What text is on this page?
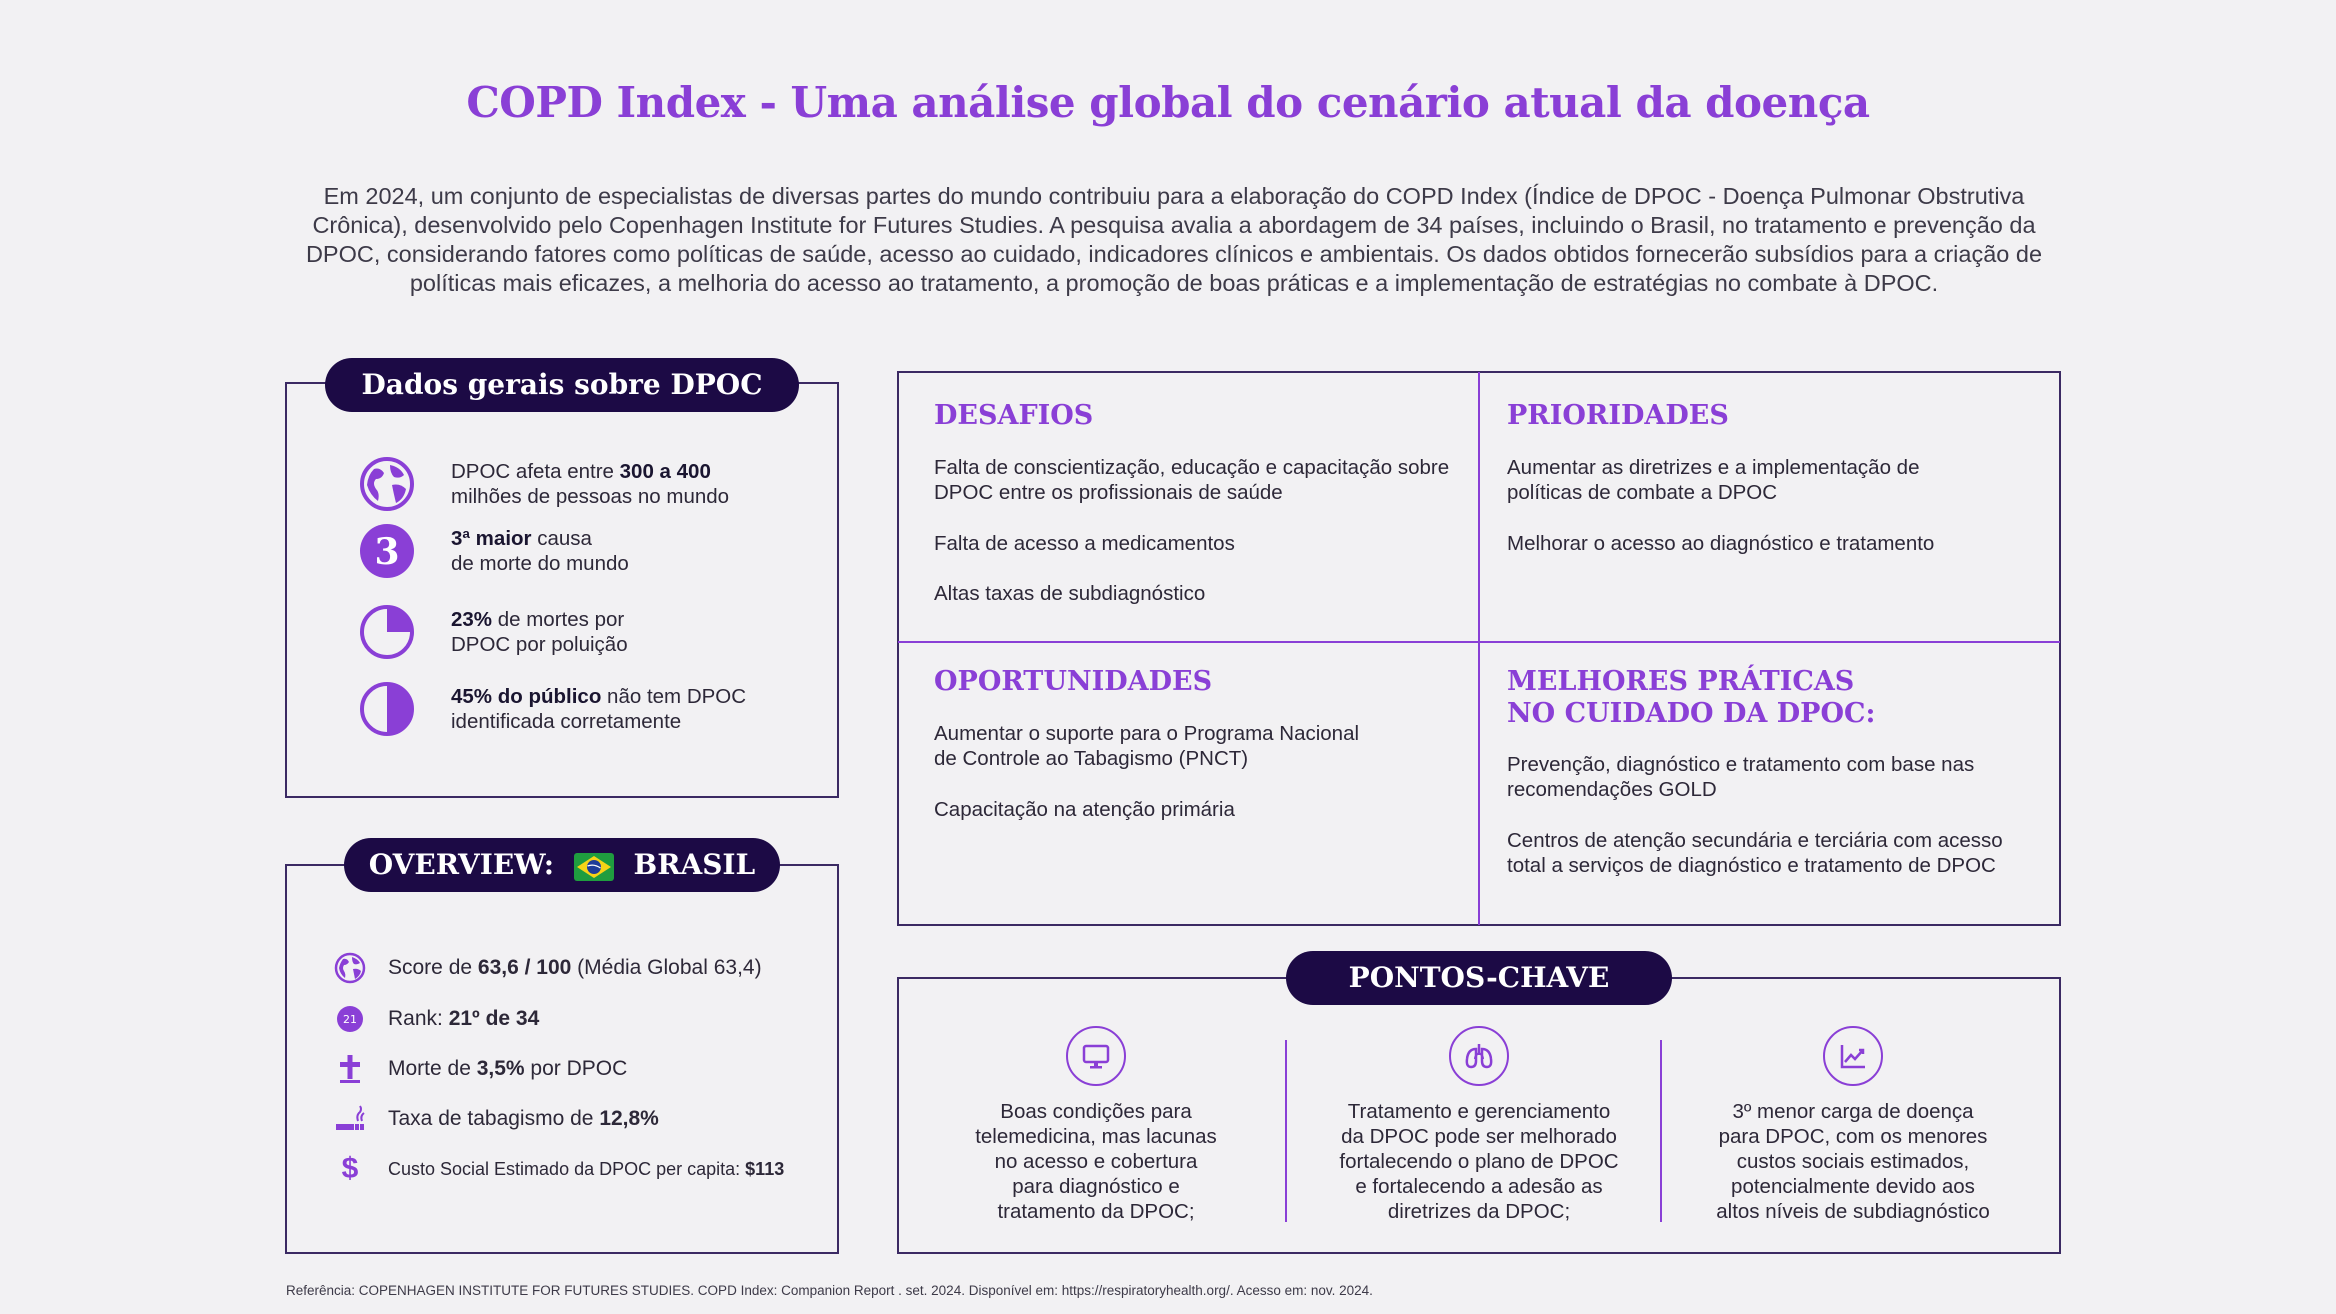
COPD Index - Uma análise global do cenário atual da doença

Em 2024, um conjunto de especialistas de diversas partes do mundo contribuiu para a elaboração do COPD Index (Índice de DPOC - Doença Pulmonar Obstrutiva Crônica), desenvolvido pelo Copenhagen Institute for Futures Studies. A pesquisa avalia a abordagem de 34 países, incluindo o Brasil, no tratamento e prevenção da DPOC, considerando fatores como políticas de saúde, acesso ao cuidado, indicadores clínicos e ambientais. Os dados obtidos fornecerão subsídios para a criação de políticas mais eficazes, a melhoria do acesso ao tratamento, a promoção de boas práticas e a implementação de estratégias no combate à DPOC.

Dados gerais sobre DPOC
DPOC afeta entre 300 a 400
milhões de pessoas no mundo
3	3ª maior causa
de morte do mundo
23% de mortes por
DPOC por poluição
45% do público não tem DPOC
identificada corretamente
OVERVIEW:	BRASIL
Score de 63,6 / 100 (Média Global 63,4)
21 Rank: 21º de 34
Morte de 3,5% por DPOC
Taxa de tabagismo de 12,8%
$	Custo Social Estimado da DPOC per capita: $113
DESAFIOS
Falta de conscientização, educação e capacitação sobre DPOC entre os profissionais de saúde
Falta de acesso a medicamentos
Altas taxas de subdiagnóstico
PRIORIDADES
Aumentar as diretrizes e a implementação de políticas de combate a DPOC
Melhorar o acesso ao diagnóstico e tratamento
OPORTUNIDADES
Aumentar o suporte para o Programa Nacional de Controle ao Tabagismo (PNCT)
Capacitação na atenção primária
MELHORES PRÁTICAS
NO CUIDADO DA DPOC:
Prevenção, diagnóstico e tratamento com base nas recomendações GOLD
Centros de atenção secundária e terciária com acesso total a serviços de diagnóstico e tratamento de DPOC
PONTOS-CHAVE
Boas condições para
telemedicina, mas lacunas
no acesso e cobertura
para diagnóstico e
tratamento da DPOC;
Tratamento e gerenciamento
da DPOC pode ser melhorado
fortalecendo o plano de DPOC
e fortalecendo a adesão as
diretrizes da DPOC;
3º menor carga de doença
para DPOC, com os menores
custos sociais estimados,
potencialmente devido aos
altos níveis de subdiagnóstico
Referência: COPENHAGEN INSTITUTE FOR FUTURES STUDIES. COPD Index: Companion Report . set. 2024. Disponível em: https://respiratoryhealth.org/. Acesso em: nov. 2024.
